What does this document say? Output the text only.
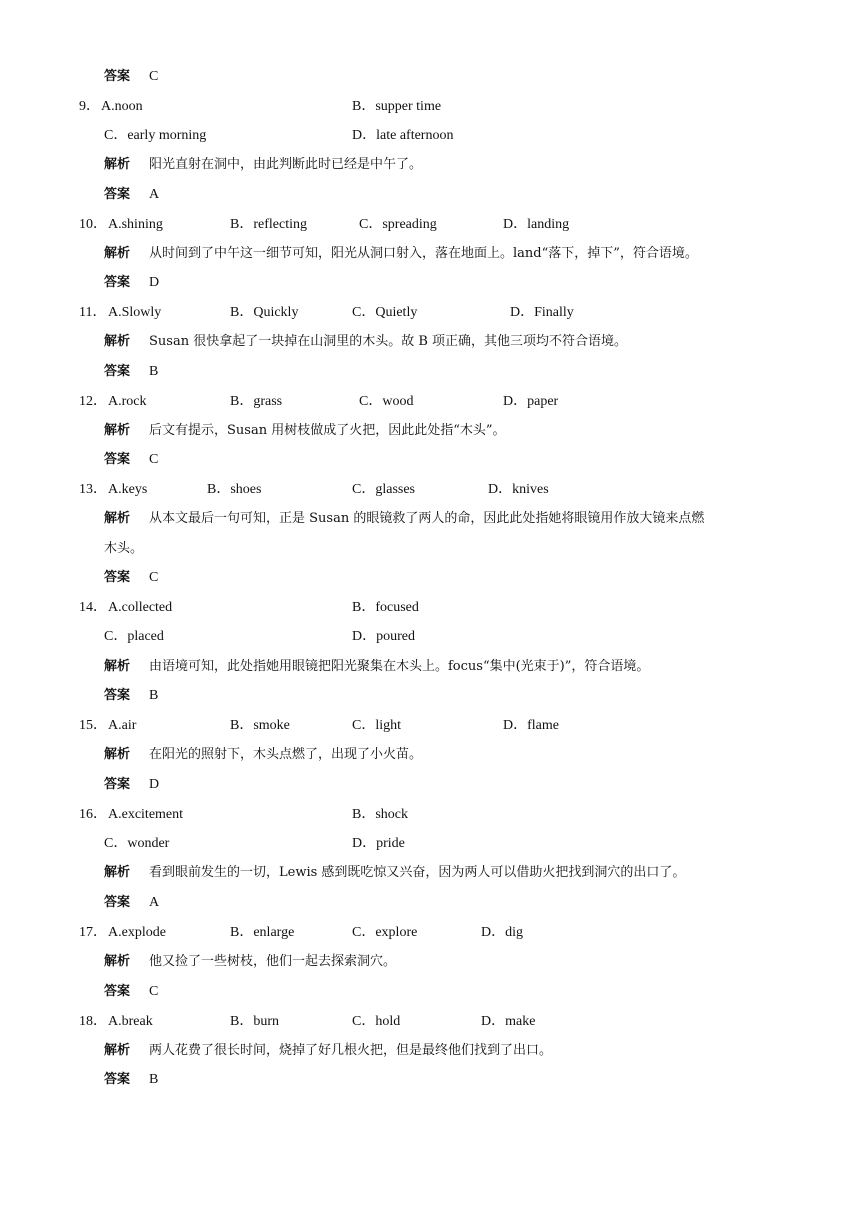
答案 C
9． A.noon	B．supper time
C．early morning	D．late afternoon
解析 阳光直射在洞中，由此判断此时已经是中午了。
答案 A
10． A.shining	B．reflecting	C．spreading	D．landing
解析 从时间到了中午这一细节可知，阳光从洞口射入，落在地面上。land“落下，掉下”，符合语境。
答案 D
11． A.Slowly	B．Quickly	C．Quietly	D．Finally
解析 Susan 很快拿起了一块掉在山洞里的木头。故 B 项正确，其他三项均不符合语境。
答案 B
12． A.rock	B．grass	C．wood	D．paper
解析 后文有提示，Susan 用树枝做成了火把，因此此处指“木头”。
答案 C
13． A.keys	B．shoes	C．glasses	D．knives
解析 从本文最后一句可知，正是 Susan 的眼镜救了两人的命，因此此处指她将眼镜用作放大镜来点燃
木头。
答案 C
14． A.collected	B．focused
C．placed	D．poured
解析 由语境可知，此处指她用眼镜把阳光聚集在木头上。focus“集中(光束于)”，符合语境。
答案 B
15． A.air	B．smoke	C．light	D．flame
解析 在阳光的照射下，木头点燃了，出现了小火苗。
答案 D
16． A.excitement	B．shock
C．wonder	D．pride
解析 看到眼前发生的一切，Lewis 感到既吃惊又兴奋，因为两人可以借助火把找到洞穴的出口了。
答案 A
17． A.explode	B．enlarge	C．explore	D．dig
解析 他又捡了一些树枝，他们一起去探索洞穴。
答案 C
18． A.break	B．burn	C．hold	D．make
解析 两人花费了很长时间，烧掉了好几根火把，但是最终他们找到了出口。
答案 B
